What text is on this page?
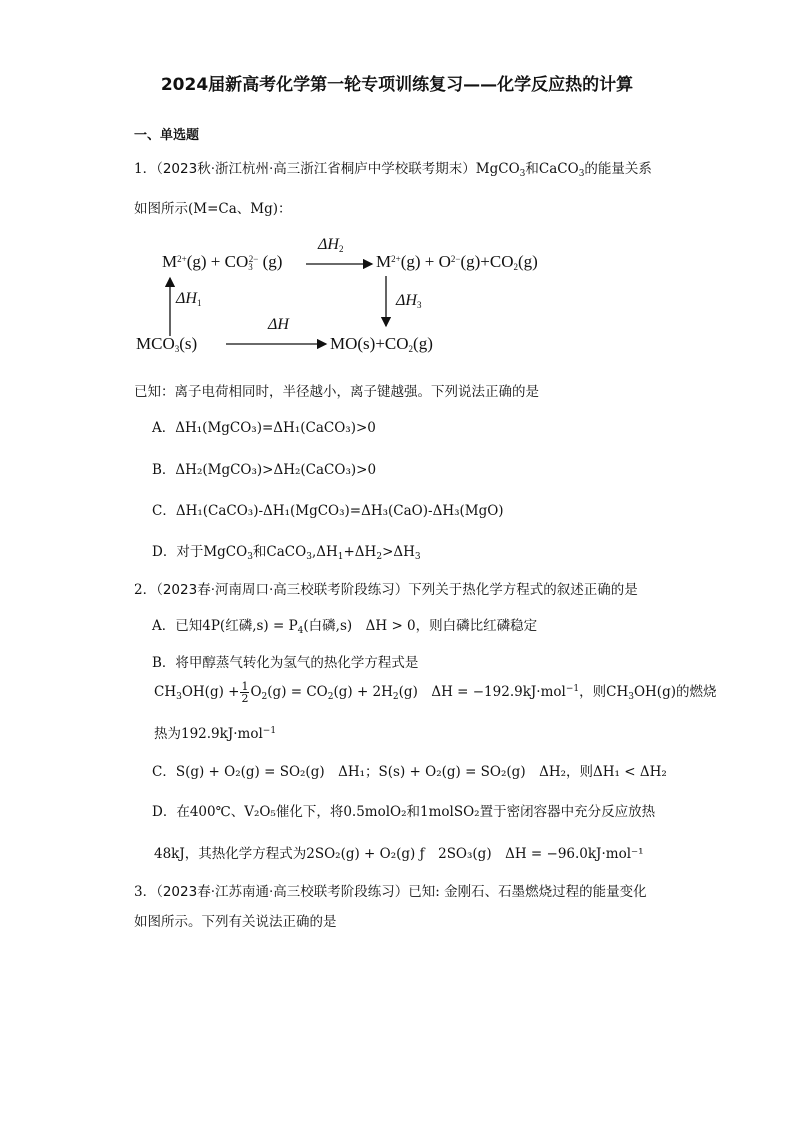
2024届新高考化学第一轮专项训练复习——化学反应热的计算
一、单选题
1．（2023秋·浙江杭州·高三浙江省桐庐中学校联考期末）MgCO$_3$和CaCO$_3$的能量关系
如图所示(M=Ca、Mg)：
$M^{2+}(g) + CO_3^{2-}$ (g)
$\Delta H_2$
$M^{2+}(g) + O^{2-}(g)+CO_2(g)$
$\Delta H_1$	$\Delta H_3$
ΔH
$MCO_3(s)$	$MO(s)+CO_2(g)$
已知：离子电荷相同时，半径越小，离子键越强。下列说法正确的是
A．ΔH₁(MgCO₃)=ΔH₁(CaCO₃)>0
B．ΔH₂(MgCO₃)>ΔH₂(CaCO₃)>0
C．ΔH₁(CaCO₃)-ΔH₁(MgCO₃)=ΔH₃(CaO)-ΔH₃(MgO)
D．对于MgCO$_3$和$CaCO_3,\Delta H_1+\Delta H_2>\Delta H_3$
2．（2023春·河南周口·高三校联考阶段练习）下列关于热化学方程式的叙述正确的是
A．已知4P(红磷$,s) = P_4$(白磷,s)　ΔH > 0，则白磷比红磷稳定
B．将甲醇蒸气转化为氢气的热化学方程式是
$CH_3OH(g) + \frac{1}{2} O_2(g) = CO_2(g) + 2H_2(g)$　ΔH = −192.9kJ·mol$^{-1}$，则$CH_3OH(g)$的燃烧
热为192.9kJ·mol$^{-1}$
C．S(g) + O₂(g) = SO₂(g)　ΔH₁；S(s) + O₂(g) = SO₂(g)　ΔH₂，则ΔH₁ < ΔH₂
D．在400℃、V₂O₅催化下，将0.5molO₂和1molSO₂置于密闭容器中充分反应放热
48kJ，其热化学方程式为2SO₂(g) + O₂(g) ƒ　2SO₃(g)　ΔH = −96.0kJ·mol⁻¹
3．（2023春·江苏南通·高三校联考阶段练习）已知: 金刚石、石墨燃烧过程的能量变化
如图所示。下列有关说法正确的是
